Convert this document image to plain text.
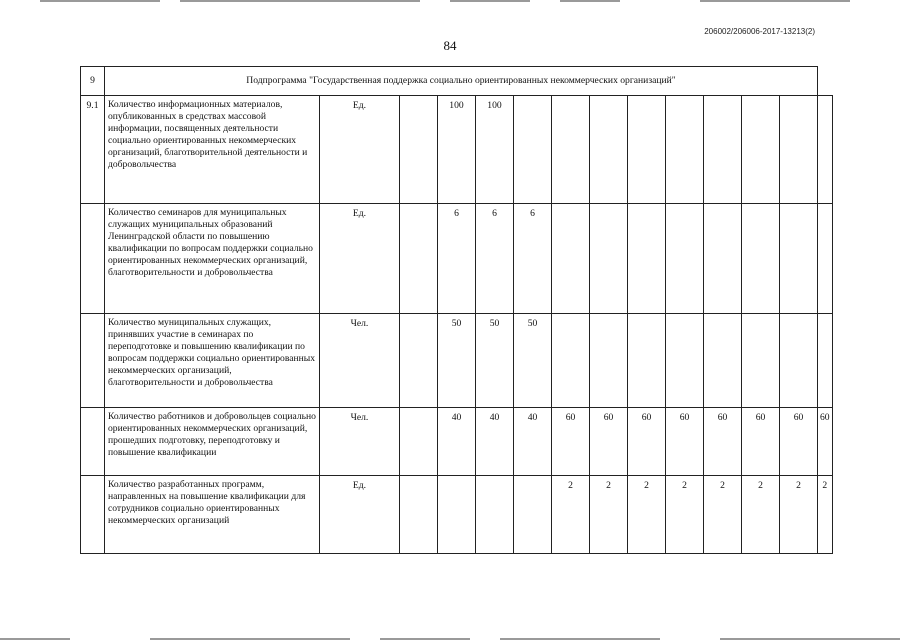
206002/206006-2017-13213(2)
84
9	Подпрограмма "Государственная поддержка социально ориентированных некоммерческих организаций"													
9.1	Количество информационных материалов, опубликованных в средствах массовой информации, посвященных деятельности социально ориентированных некоммерческих организаций, благотворительной деятельности и добровольчества	Ед.		100	100									
	Количество семинаров для муниципальных служащих муниципальных образований Ленинградской области по повышению квалификации по вопросам поддержки социально ориентированных некоммерческих организаций, благотворительности и добровольчества	Ед.		6	6	6								
	Количество муниципальных служащих, принявших участие в семинарах по переподготовке и повышению квалификации по вопросам поддержки социально ориентированных некоммерческих организаций, благотворительности и добровольчества	Чел.		50	50	50								
	Количество работников и добровольцев социально ориентированных некоммерческих организаций, прошедших подготовку, переподготовку и повышение квалификации	Чел.		40	40	40	60	60	60	60	60	60	60	60
	Количество разработанных программ, направленных на повышение квалификации для сотрудников социально ориентированных некоммерческих организаций	Ед.					2	2	2	2	2	2	2	2
